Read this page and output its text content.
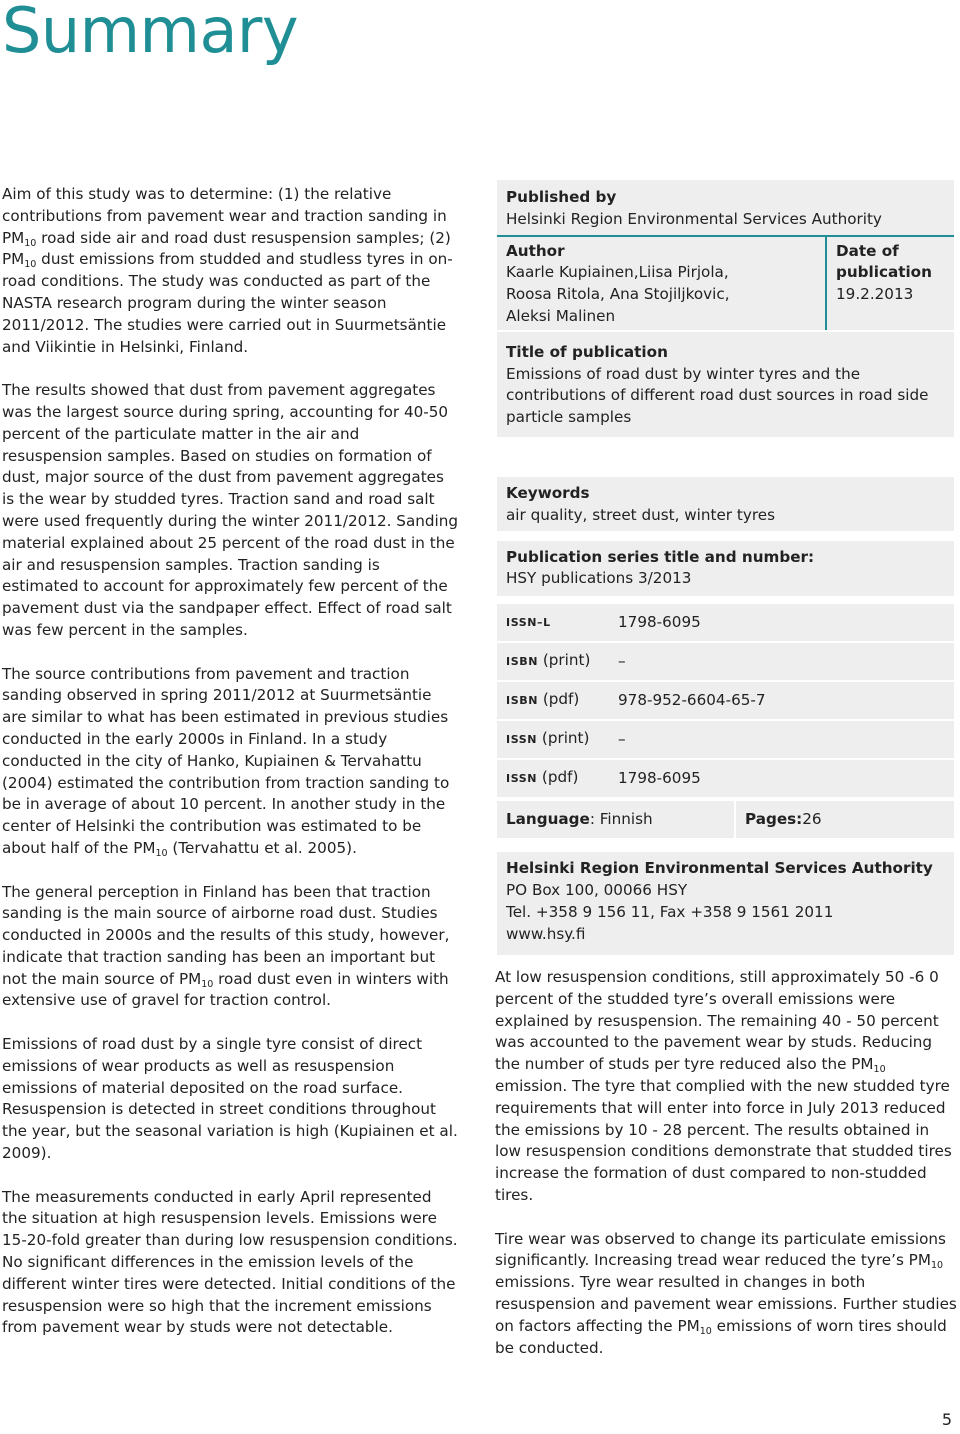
Summary

Aim of this study was to determine: (1) the relative contributions from pavement wear and traction sanding in $PM_{10}$ road side air and road dust resuspension samples; (2) $PM_{10}$ dust emissions from studded and studless tyres in on-road conditions. The study was conducted as part of the NASTA research program during the winter season 2011/2012. The studies were carried out in Suurmetsäntie and Viikintie in Helsinki, Finland.

The results showed that dust from pavement aggregates was the largest source during spring, accounting for 40-50 percent of the particulate matter in the air and resuspension samples. Based on studies on formation of dust, major source of the dust from pavement aggregates is the wear by studded tyres. Traction sand and road salt were used frequently during the winter 2011/2012. Sanding material explained about 25 percent of the road dust in the air and resuspension samples. Traction sanding is estimated to account for approximately few percent of the pavement dust via the sandpaper effect. Effect of road salt was few percent in the samples.

The source contributions from pavement and traction sanding observed in spring 2011/2012 at Suurmetsäntie are similar to what has been estimated in previous studies conducted in the early 2000s in Finland. In a study conducted in the city of Hanko, Kupiainen & Tervahattu (2004) estimated the contribution from traction sanding to be in average of about 10 percent. In another study in the center of Helsinki the contribution was estimated to be about half of the $PM_{10}$ (Tervahattu et al. 2005).

The general perception in Finland has been that traction sanding is the main source of airborne road dust. Studies conducted in 2000s and the results of this study, however, indicate that traction sanding has been an important but not the main source of $PM_{10}$ road dust even in winters with extensive use of gravel for traction control.

Emissions of road dust by a single tyre consist of direct emissions of wear products as well as resuspension emissions of material deposited on the road surface. Resuspension is detected in street conditions throughout the year, but the seasonal variation is high (Kupiainen et al. 2009).

The measurements conducted in early April represented the situation at high resuspension levels. Emissions were 15-20-fold greater than during low resuspension conditions. No significant differences in the emission levels of the different winter tires were detected. Initial conditions of the resuspension were so high that the increment emissions from pavement wear by studs were not detectable.

Published by
Helsinki Region Environmental Services Authority
Author
Kaarle Kupiainen,Liisa Pirjola,
Roosa Ritola, Ana Stojiljkovic,
Aleksi Malinen
Date of
publication
19.2.2013
Title of publication
Emissions of road dust by winter tyres and the contributions of different road dust sources in road side particle samples
Keywords
air quality, street dust, winter tyres
Publication series title and number:
HSY publications 3/2013
ISSN–L	1798-6095
ISBN (print)	–
ISBN (pdf)	978-952-6604-65-7
ISSN (print)	–
ISSN (pdf)	1798-6095
Language : Finnish	Pages: 26
Helsinki Region Environmental Services Authority
PO Box 100, 00066 HSY
Tel. +358 9 156 11, Fax +358 9 1561 2011
www.hsy.fi

At low resuspension conditions, still approximately 50 -6 0 percent of the studded tyre’s overall emissions were explained by resuspension. The remaining 40 - 50 percent was accounted to the pavement wear by studs. Reducing the number of studs per tyre reduced also the $PM_{10}$ emission. The tyre that complied with the new studded tyre requirements that will enter into force in July 2013 reduced the emissions by 10 - 28 percent. The results obtained in low resuspension conditions demonstrate that studded tires increase the formation of dust compared to non-studded tires.

Tire wear was observed to change its particulate emissions significantly. Increasing tread wear reduced the tyre’s $PM_{10}$ emissions. Tyre wear resulted in changes in both resuspension and pavement wear emissions. Further studies on factors affecting the $PM_{10}$ emissions of worn tires should be conducted.

5
